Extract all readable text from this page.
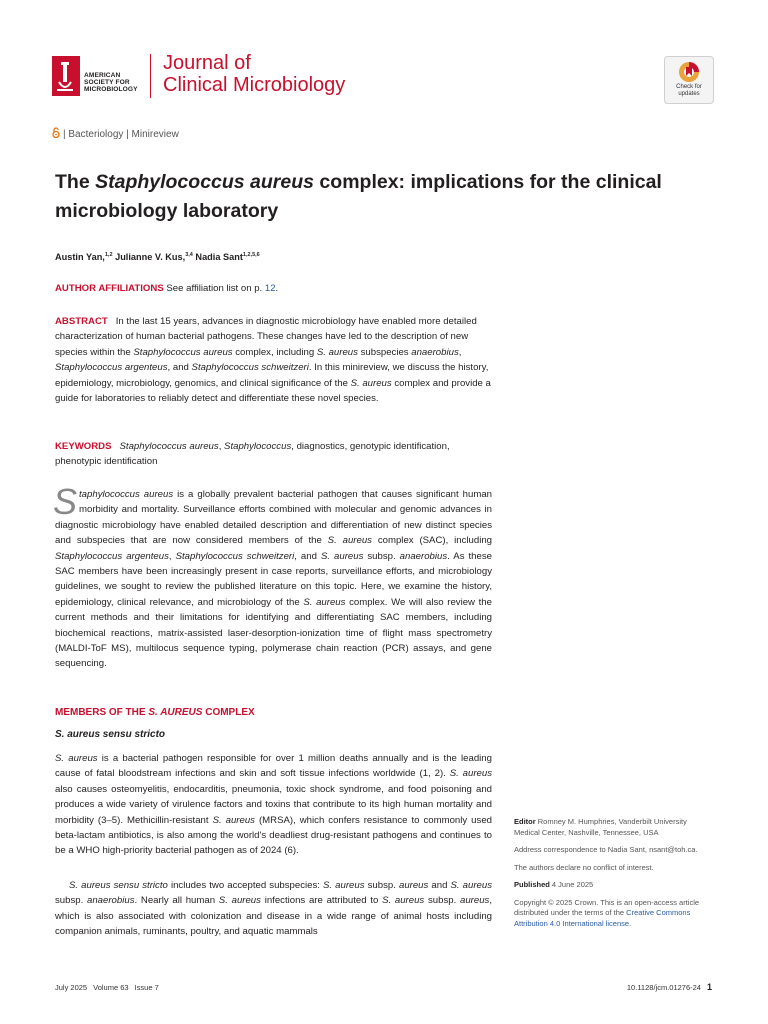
AMERICAN
SOCIETY FOR
MICROBIOLOGY
Journal of
Clinical Microbiology	Check for
updates
| Bacteriology | Minireview
The Staphylococcus aureus complex: implications for the clinical microbiology laboratory
Austin Yan,$^{1,2}$ Julianne V. Kus,$^{3,4}$ Nadia Sant$^{1,2,5,6}$
AUTHOR AFFILIATIONS See affiliation list on p. 12.
ABSTRACT In the last 15 years, advances in diagnostic microbiology have enabled more detailed characterization of human bacterial pathogens. These changes have led to the description of new species within the Staphylococcus aureus complex, including S. aureus subspecies anaerobius, Staphylococcus argenteus, and Staphylococcus schweitzeri. In this minireview, we discuss the history, epidemiology, microbiology, genomics, and clinical significance of the S. aureus complex and provide a guide for laboratories to reliably detect and differentiate these novel species.
KEYWORDS Staphylococcus aureus, Staphylococcus, diagnostics, genotypic identification, phenotypic identification
Staphylococcus aureus is a globally prevalent bacterial pathogen that causes significant human morbidity and mortality. Surveillance efforts combined with molecular and genomic advances in diagnostic microbiology have enabled detailed description and differentiation of new distinct species and subspecies that are now considered members of the S. aureus complex (SAC), including Staphylococcus argenteus, Staphylococcus schweitzeri, and S. aureus subsp. anaerobius. As these SAC members have been increasingly present in case reports, surveillance efforts, and microbiology guidelines, we sought to review the published literature on this topic. Here, we examine the history, epidemiology, clinical relevance, and microbiology of the S. aureus complex. We will also review the current methods and their limitations for identifying and differentiating SAC members, including biochemical reactions, matrix-assisted laser-desorption-ionization time of flight mass spectrometry (MALDI-ToF MS), multilocus sequence typing, polymerase chain reaction (PCR) assays, and gene sequencing.
MEMBERS OF THE S. AUREUS COMPLEX
S. aureus sensu stricto
S. aureus is a bacterial pathogen responsible for over 1 million deaths annually and is the leading cause of fatal bloodstream infections and skin and soft tissue infections worldwide (1, 2). S. aureus also causes osteomyelitis, endocarditis, pneumonia, toxic shock syndrome, and food poisoning and produces a wide variety of virulence factors and toxins that contribute to its high human mortality and morbidity (3–5). Methicillin-resistant S. aureus (MRSA), which confers resistance to commonly used beta-lactam antibiotics, is also among the world's deadliest drug-resistant pathogens and continues to be a WHO high-priority bacterial pathogen as of 2024 (6).
S. aureus sensu stricto includes two accepted subspecies: S. aureus subsp. aureus and S. aureus subsp. anaerobius. Nearly all human S. aureus infections are attributed to S. aureus subsp. aureus, which is also associated with colonization and disease in a wide range of animal hosts including companion animals, ruminants, poultry, and aquatic mammals

Editor Romney M. Humphries, Vanderbilt University Medical Center, Nashville, Tennessee, USA

Address correspondence to Nadia Sant, nsant@toh.ca.

The authors declare no conflict of interest.

Published 4 June 2025

Copyright © 2025 Crown. This is an open-access article distributed under the terms of the Creative Commons Attribution 4.0 International license.

July 2025 Volume 63 Issue 7	10.1128/jcm.01276-24 1
